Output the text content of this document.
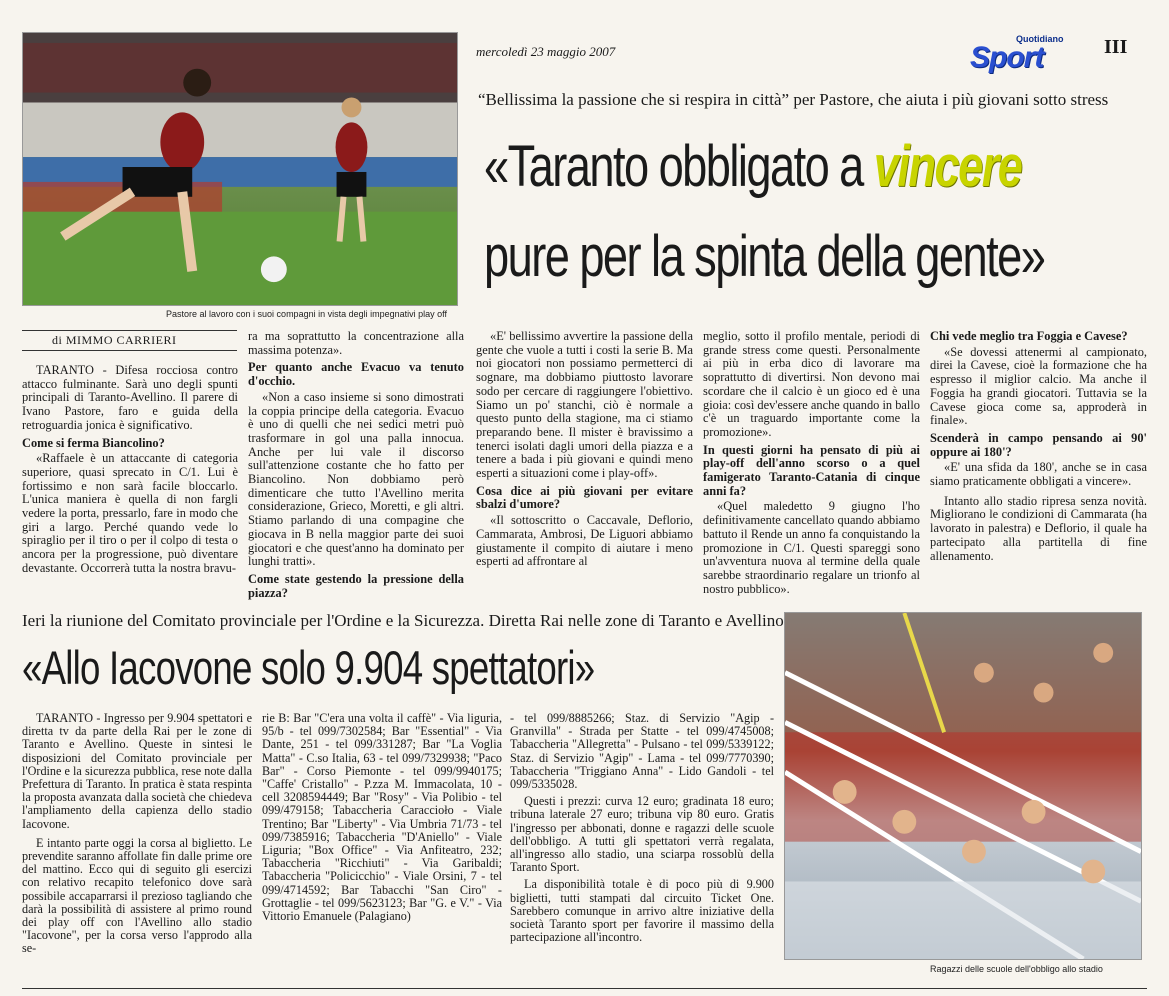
Pastore al lavoro con i suoi compagni in vista degli impegnativi play off
mercoledì 23 maggio 2007
Quotidiano
Sport	III
“Bellissima la passione che si respira in città” per Pastore, che aiuta i più giovani sotto stress
«Taranto obbligato a vincere
pure per la spinta della gente»
di MIMMO CARRIERI

TARANTO - Difesa rocciosa contro attacco fulminante. Sarà uno degli spunti principali di Taranto-Avellino. Il parere di Ivano Pastore, faro e guida della retroguardia jonica è significativo.

Come si ferma Biancolino?

«Raffaele è un attaccante di categoria superiore, quasi sprecato in C/1. Lui è fortissimo e non sarà facile bloccarlo. L'unica maniera è quella di non fargli vedere la porta, pressarlo, fare in modo che giri a largo. Perché quando vede lo spiraglio per il tiro o per il colpo di testa o ancora per la progressione, può diventare devastante. Occorrerà tutta la nostra bravu-

ra ma soprattutto la concentrazione alla massima potenza».

Per quanto anche Evacuo va tenuto d'occhio.

«Non a caso insieme si sono dimostrati la coppia principe della categoria. Evacuo è uno di quelli che nei sedici metri può trasformare in gol una palla innocua. Anche per lui vale il discorso sull'attenzione costante che ho fatto per Biancolino. Non dobbiamo però dimenticare che tutto l'Avellino merita considerazione, Grieco, Moretti, e gli altri. Stiamo parlando di una compagine che giocava in B nella maggior parte dei suoi giocatori e che quest'anno ha dominato per lunghi tratti».

Come state gestendo la pressione della piazza?

«E' bellissimo avvertire la passione della gente che vuole a tutti i costi la serie B. Ma noi giocatori non possiamo permetterci di sognare, ma dobbiamo piuttosto lavorare sodo per cercare di raggiungere l'obiettivo. Siamo un po' stanchi, ciò è normale a questo punto della stagione, ma ci stiamo preparando bene. Il mister è bravissimo a tenerci isolati dagli umori della piazza e a tenere a bada i più giovani e quindi meno esperti a situazioni come i play-off».

Cosa dice ai più giovani per evitare sbalzi d'umore?

«Il sottoscritto o Caccavale, Deflorio, Cammarata, Ambrosi, De Liguori abbiamo giustamente il compito di aiutare i meno esperti ad affrontare al

meglio, sotto il profilo mentale, periodi di grande stress come questi. Personalmente ai più in erba dico di lavorare ma soprattutto di divertirsi. Non devono mai scordare che il calcio è un gioco ed è una gioia: così dev'essere anche quando in ballo c'è un traguardo importante come la promozione».

In questi giorni ha pensato di più ai play-off dell'anno scorso o a quel famigerato Taranto-Catania di cinque anni fa?

«Quel maledetto 9 giugno l'ho definitivamente cancellato quando abbiamo battuto il Rende un anno fa conquistando la promozione in C/1. Questi spareggi sono un'avventura nuova al termine della quale sarebbe straordinario regalare un trionfo al nostro pubblico».

Chi vede meglio tra Foggia e Cavese?

«Se dovessi attenermi al campionato, direi la Cavese, cioè la formazione che ha espresso il miglior calcio. Ma anche il Foggia ha grandi giocatori. Tuttavia se la Cavese gioca come sa, approderà in finale».

Scenderà in campo pensando ai 90' oppure ai 180'?

«E' una sfida da 180', anche se in casa siamo praticamente obbligati a vincere».

Intanto allo stadio ripresa senza novità. Migliorano le condizioni di Cammarata (ha lavorato in palestra) e Deflorio, il quale ha partecipato alla partitella di fine allenamento.

Ieri la riunione del Comitato provinciale per l'Ordine e la Sicurezza. Diretta Rai nelle zone di Taranto e Avellino
«Allo Iacovone solo 9.904 spettatori»

TARANTO - Ingresso per 9.904 spettatori e diretta tv da parte della Rai per le zone di Taranto e Avellino. Queste in sintesi le disposizioni del Comitato provinciale per l'Ordine e la sicurezza pubblica, rese note dalla Prefettura di Taranto. In pratica è stata respinta la proposta avanzata dalla società che chiedeva l'ampliamento della capienza dello stadio Iacovone.

E intanto parte oggi la corsa al biglietto. Le prevendite saranno affollate fin dalle prime ore del mattino. Ecco qui di seguito gli esercizi con relativo recapito telefonico dove sarà possibile accaparrarsi il prezioso tagliando che darà la possibilità di assistere al primo round dei play off con l'Avellino allo stadio "Iacovone", per la corsa verso l'approdo alla se-

rie B: Bar "C'era una volta il caffè" - Via liguria, 95/b - tel 099/7302584; Bar "Essential" - Via Dante, 251 - tel 099/331287; Bar "La Voglia Matta" - C.so Italia, 63 - tel 099/7329938; "Paco Bar" - Corso Piemonte - tel 099/9940175; "Caffe' Cristallo" - P.zza M. Immacolata, 10 - cell 3208594449; Bar "Rosy" - Via Polibio - tel 099/479158; Tabaccheria Caraccioło - Viale Trentino; Bar "Liberty" - Via Umbria 71/73 - tel 099/7385916; Tabaccheria "D'Aniello" - Viale Liguria; "Box Office" - Via Anfiteatro, 232; Tabaccheria "Ricchiuti" - Via Garibaldi; Tabaccheria "Policicchio" - Viale Orsini, 7 - tel 099/4714592; Bar Tabacchi "San Ciro" - Grottaglie - tel 099/5623123; Bar "G. e V." - Via Vittorio Emanuele (Palagiano)

- tel 099/8885266; Staz. di Servizio "Agip - Granvilla" - Strada per Statte - tel 099/4745008; Tabaccheria "Allegretta" - Pulsano - tel 099/5339122; Staz. di Servizio "Agip" - Lama - tel 099/7770390; Tabaccheria "Triggiano Anna" - Lido Gandoli - tel 099/5335028.

Questi i prezzi: curva 12 euro; gradinata 18 euro; tribuna laterale 27 euro; tribuna vip 80 euro. Gratis l'ingresso per abbonati, donne e ragazzi delle scuole dell'obbligo. A tutti gli spettatori verrà regalata, all'ingresso allo stadio, una sciarpa rossoblù della Taranto Sport.

La disponibilità totale è di poco più di 9.900 biglietti, tutti stampati dal circuito Ticket One. Sarebbero comunque in arrivo altre iniziative della società Taranto sport per favorire il massimo della partecipazione all'incontro.

Ragazzi delle scuole dell'obbligo allo stadio
